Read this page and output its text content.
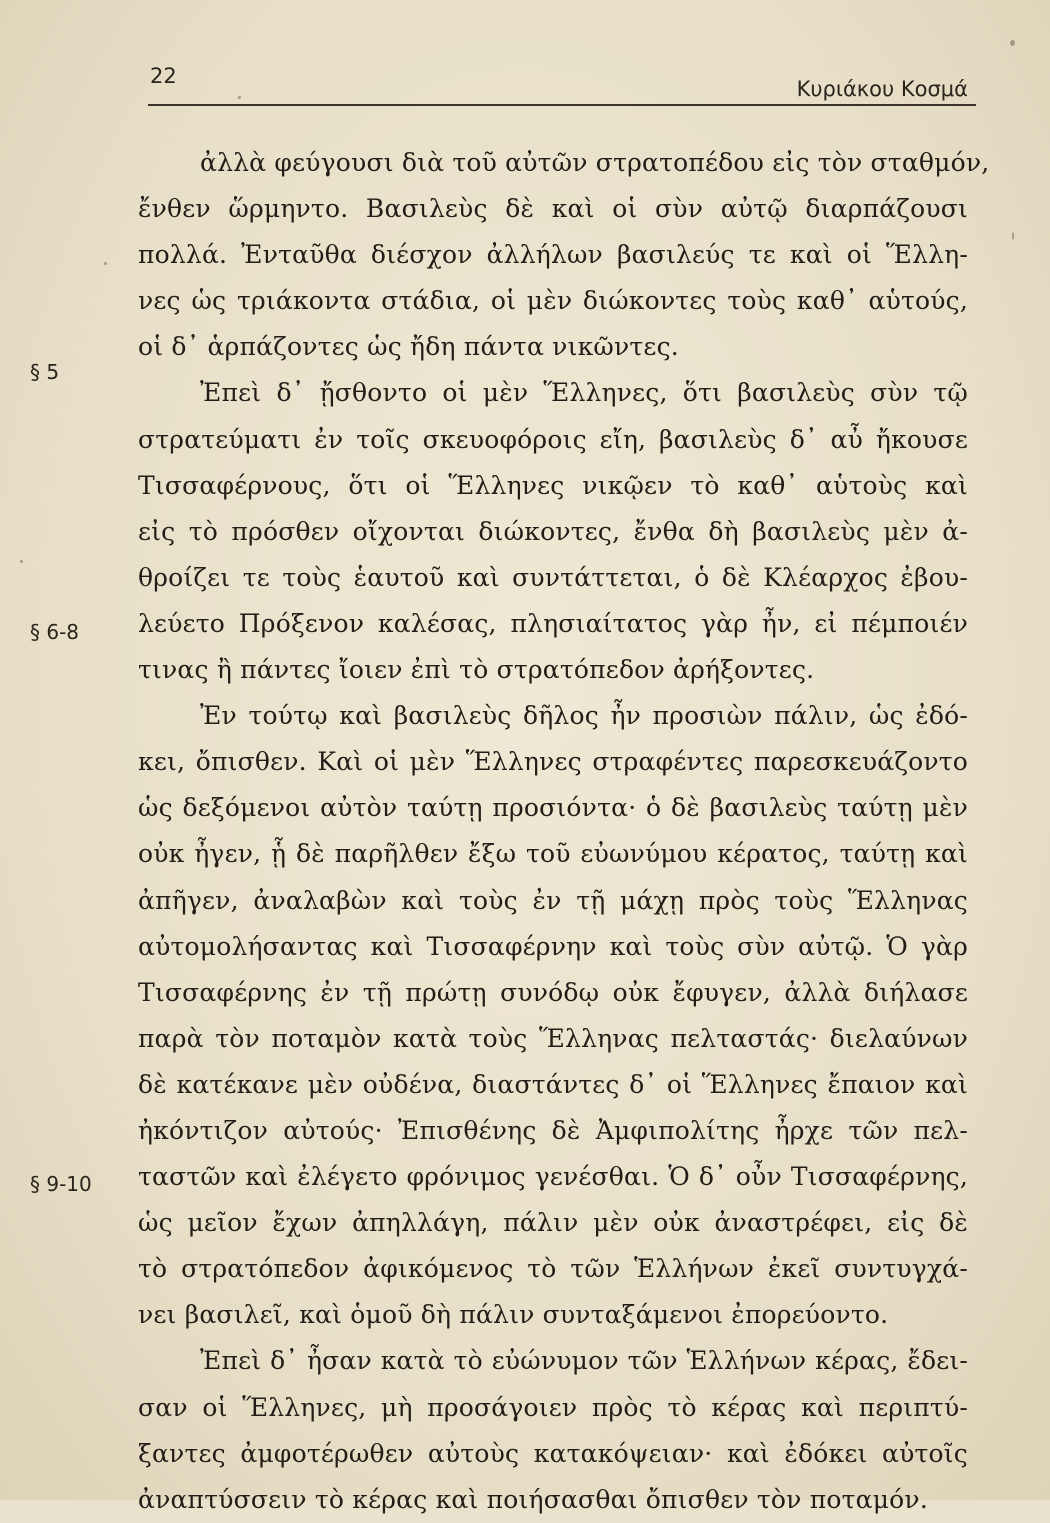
22
Κυριάκου Κοσμά
§ 5
§ 6-8
§ 9-10
ἀλλὰ φεύγουσι διὰ τοῦ αὐτῶν στρατοπέδου εἰς τὸν σταθμόν,
ἔνθεν ὥρμηντο. Βασιλεὺς δὲ καὶ οἱ σὺν αὐτῷ διαρπάζουσι
πολλά. Ἐνταῦθα διέσχον ἀλλήλων βασιλεύς τε καὶ οἱ Ἕλλη-
νες ὡς τριάκοντα στάδια, οἱ μὲν διώκοντες τοὺς καθ᾽ αὑτούς,
οἱ δ᾽ ἁρπάζοντες ὡς ἤδη πάντα νικῶντες.
Ἐπεὶ δ᾽ ᾔσθοντο οἱ μὲν Ἕλληνες, ὅτι βασιλεὺς σὺν τῷ
στρατεύματι ἐν τοῖς σκευοφόροις εἴη, βασιλεὺς δ᾽ αὖ ἤκουσε
Τισσαφέρνους, ὅτι οἱ Ἕλληνες νικῷεν τὸ καθ᾽ αὑτοὺς καὶ
εἰς τὸ πρόσθεν οἴχονται διώκοντες, ἔνθα δὴ βασιλεὺς μὲν ἀ-
θροίζει τε τοὺς ἑαυτοῦ καὶ συντάττεται, ὁ δὲ Κλέαρχος ἐβου-
λεύετο Πρόξενον καλέσας, πλησιαίτατος γὰρ ἦν, εἰ πέμποιέν
τινας ἢ πάντες ἴοιεν ἐπὶ τὸ στρατόπεδον ἀρήξοντες.
Ἐν τούτῳ καὶ βασιλεὺς δῆλος ἦν προσιὼν πάλιν, ὡς ἐδό-
κει, ὄπισθεν. Καὶ οἱ μὲν Ἕλληνες στραφέντες παρεσκευάζοντο
ὡς δεξόμενοι αὐτὸν ταύτῃ προσιόντα· ὁ δὲ βασιλεὺς ταύτῃ μὲν
οὐκ ἦγεν, ᾗ δὲ παρῆλθεν ἔξω τοῦ εὐωνύμου κέρατος, ταύτῃ καὶ
ἀπῆγεν, ἀναλαβὼν καὶ τοὺς ἐν τῇ μάχῃ πρὸς τοὺς Ἕλληνας
αὐτομολήσαντας καὶ Τισσαφέρνην καὶ τοὺς σὺν αὐτῷ. Ὁ γὰρ
Τισσαφέρνης ἐν τῇ πρώτῃ συνόδῳ οὐκ ἔφυγεν, ἀλλὰ διήλασε
παρὰ τὸν ποταμὸν κατὰ τοὺς Ἕλληνας πελταστάς· διελαύνων
δὲ κατέκανε μὲν οὐδένα, διαστάντες δ᾽ οἱ Ἕλληνες ἔπαιον καὶ
ἠκόντιζον αὐτούς· Ἐπισθένης δὲ Ἀμφιπολίτης ἦρχε τῶν πελ-
ταστῶν καὶ ἐλέγετο φρόνιμος γενέσθαι. Ὁ δ᾽ οὖν Τισσαφέρνης,
ὡς μεῖον ἔχων ἀπηλλάγη, πάλιν μὲν οὐκ ἀναστρέφει, εἰς δὲ
τὸ στρατόπεδον ἀφικόμενος τὸ τῶν Ἑλλήνων ἐκεῖ συντυγχά-
νει βασιλεῖ, καὶ ὁμοῦ δὴ πάλιν συνταξάμενοι ἐπορεύοντο.
Ἐπεὶ δ᾽ ἦσαν κατὰ τὸ εὐώνυμον τῶν Ἑλλήνων κέρας, ἔδει-
σαν οἱ Ἕλληνες, μὴ προσάγοιεν πρὸς τὸ κέρας καὶ περιπτύ-
ξαντες ἀμφοτέρωθεν αὐτοὺς κατακόψειαν· καὶ ἐδόκει αὐτοῖς
ἀναπτύσσειν τὸ κέρας καὶ ποιήσασθαι ὄπισθεν τὸν ποταμόν.
